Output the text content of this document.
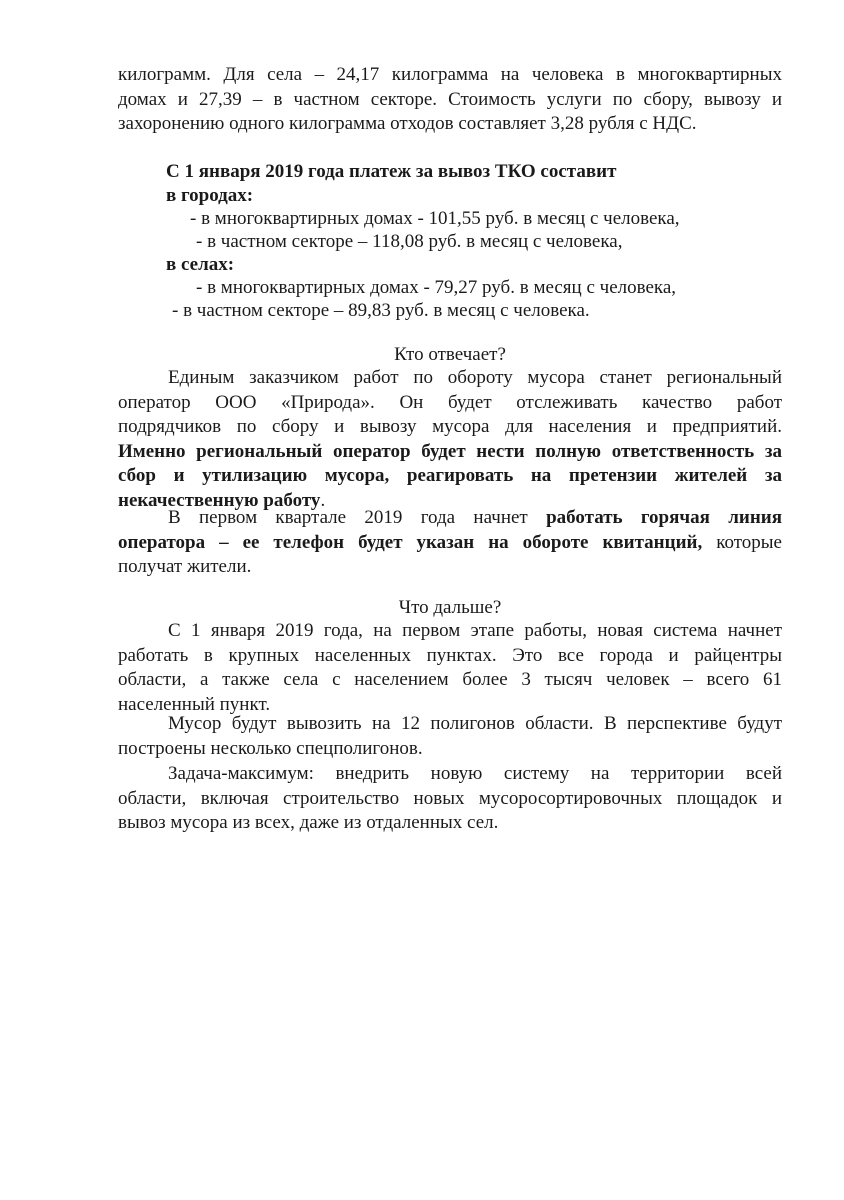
килограмм. Для села – 24,17 килограмма на человека в многоквартирных
домах и 27,39 – в частном секторе. Стоимость услуги по сбору, вывозу и
захоронению одного килограмма отходов составляет 3,28 рубля с НДС.
С 1 января 2019 года платеж за вывоз ТКО составит
в городах:
- в многоквартирных домах - 101,55 руб. в месяц с человека,
- в частном секторе – 118,08 руб. в месяц с человека,
в селах:
- в многоквартирных домах - 79,27 руб. в месяц с человека,
- в частном секторе – 89,83 руб. в месяц с человека.
Кто отвечает?
Единым заказчиком работ по обороту мусора станет региональный
оператор ООО «Природа». Он будет отслеживать качество работ
подрядчиков по сбору и вывозу мусора для населения и предприятий.
Именно региональный оператор будет нести полную ответственность за
сбор и утилизацию мусора, реагировать на претензии жителей за
некачественную работу.
В первом квартале 2019 года начнет работать горячая линия
оператора – ее телефон будет указан на обороте квитанций, которые
получат жители.
Что дальше?
С 1 января 2019 года, на первом этапе работы, новая система начнет
работать в крупных населенных пунктах. Это все города и райцентры
области, а также села с населением более 3 тысяч человек – всего 61
населенный пункт.
Мусор будут вывозить на 12 полигонов области. В перспективе будут
построены несколько спецполигонов.
Задача-максимум: внедрить новую систему на территории всей
области, включая строительство новых мусоросортировочных площадок и
вывоз мусора из всех, даже из отдаленных сел.
